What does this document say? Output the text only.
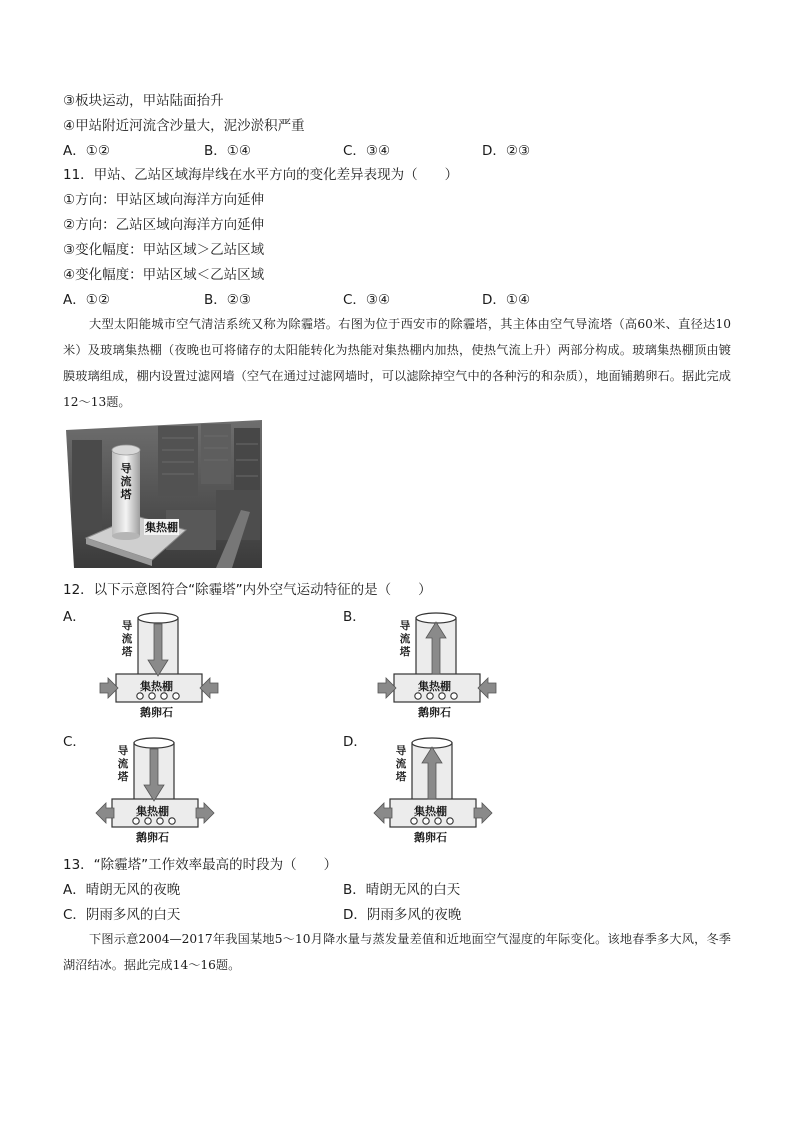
③板块运动，甲站陆面抬升
④甲站附近河流含沙量大，泥沙淤积严重
A．①②	B．①④	C．③④	D．②③
11．甲站、乙站区域海岸线在水平方向的变化差异表现为（　　）
①方向：甲站区域向海洋方向延伸
②方向：乙站区域向海洋方向延伸
③变化幅度：甲站区域＞乙站区域
④变化幅度：甲站区域＜乙站区域
A．①②	B．②③	C．③④	D．①④

大型太阳能城市空气清洁系统又称为除霾塔。右图为位于西安市的除霾塔，其主体由空气导流塔（高60米、直径达10米）及玻璃集热棚（夜晚也可将储存的太阳能转化为热能对集热棚内加热，使热气流上升）两部分构成。玻璃集热棚顶由镀膜玻璃组成，棚内设置过滤网墙（空气在通过过滤网墙时，可以滤除掉空气中的各种污的和杂质），地面铺鹅卵石。据此完成12～13题。

导流塔
集热棚
12．以下示意图符合“除霾塔”内外空气运动特征的是（　　）
A．	B．
C．	D．
导流塔
集热棚
鹅卵石
导流塔
集热棚
鹅卵石
导流塔
集热棚
鹅卵石
导流塔
集热棚
鹅卵石
13．“除霾塔”工作效率最高的时段为（　　）
A．晴朗无风的夜晚	B．晴朗无风的白天
C．阴雨多风的白天	D．阴雨多风的夜晚

下图示意2004—2017年我国某地5～10月降水量与蒸发量差值和近地面空气湿度的年际变化。该地春季多大风，冬季湖沼结冰。据此完成14～16题。
